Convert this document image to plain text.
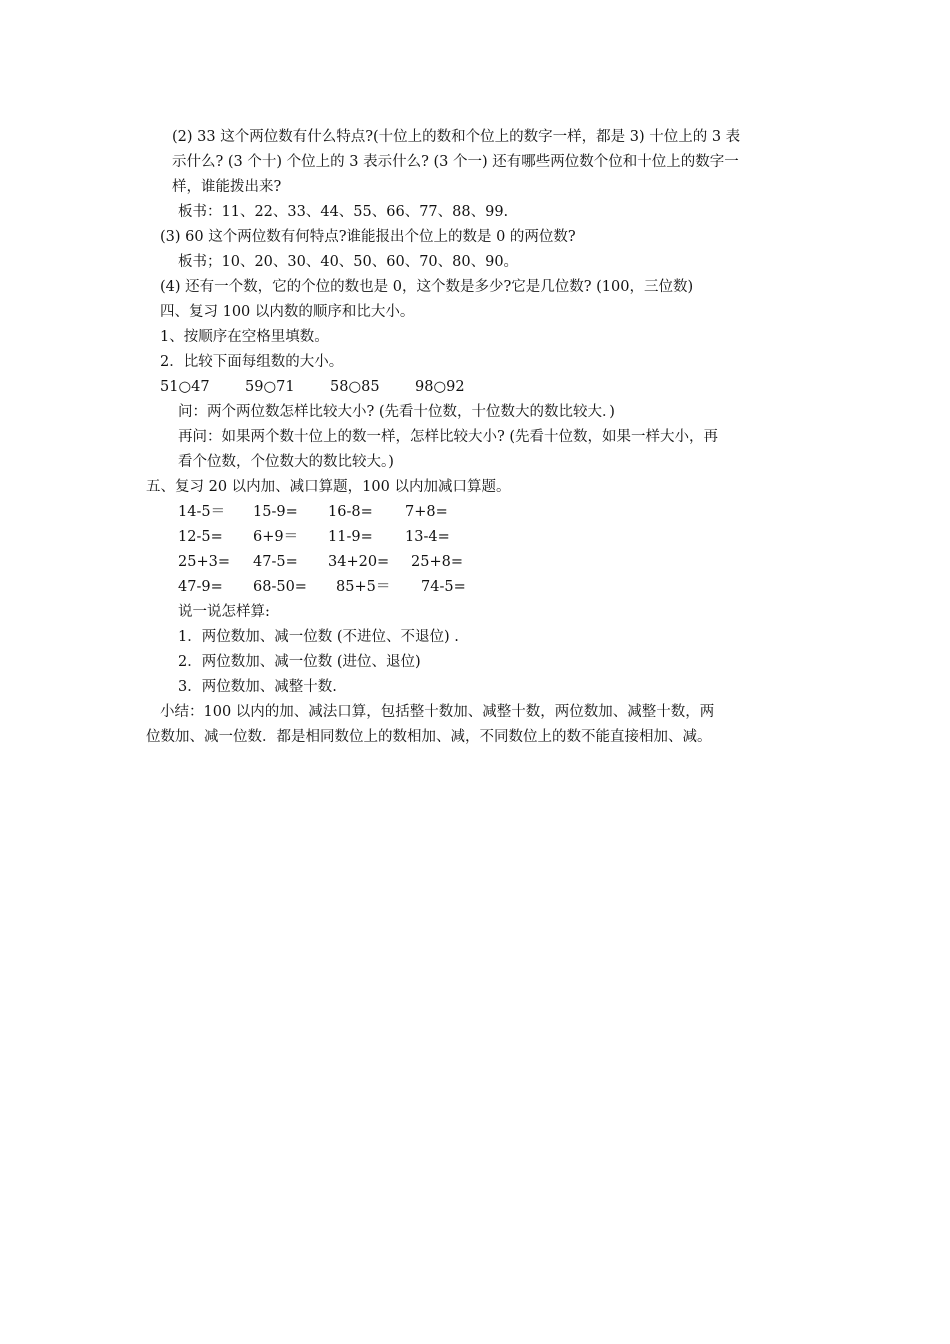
(2) 33 这个两位数有什么特点?(十位上的数和个位上的数字一样，都是 3) 十位上的 3 表
示什么? (3 个十) 个位上的 3 表示什么? (3 个一) 还有哪些两位数个位和十位上的数字一
样，谁能拨出来?
板书：11、22、33、44、55、66、77、88、99.
(3) 60 这个两位数有何特点?谁能报出个位上的数是 0 的两位数?
板书；10、20、30、40、50、60、70、80、90。
(4) 还有一个数，它的个位的数也是 0，这个数是多少?它是几位数? (100，三位数)
四、复习 100 以内数的顺序和比大小。
1、按顺序在空格里填数。
2．比较下面每组数的大小。
51○47 59○71 58○85 98○92
问：两个两位数怎样比较大小? (先看十位数，十位数大的数比较大．)
再问：如果两个数十位上的数一样，怎样比较大小? (先看十位数，如果一样大小，再
看个位数，个位数大的数比较大。)
五、复习 20 以内加、减口算题，100 以内加减口算题。
14-5＝ 15-9= 16-8= 7+8=
12-5= 6+9＝ 11-9= 13-4=
25+3= 47-5= 34+20= 25+8=
47-9= 68-50= 85+5＝ 74-5=
说一说怎样算:
1．两位数加、减一位数 (不进位、不退位) .
2．两位数加、减一位数 (进位、退位)
3．两位数加、减整十数.
小结：100 以内的加、减法口算，包括整十数加、减整十数，两位数加、减整十数，两
位数加、减一位数．都是相同数位上的数相加、减，不同数位上的数不能直接相加、减。
